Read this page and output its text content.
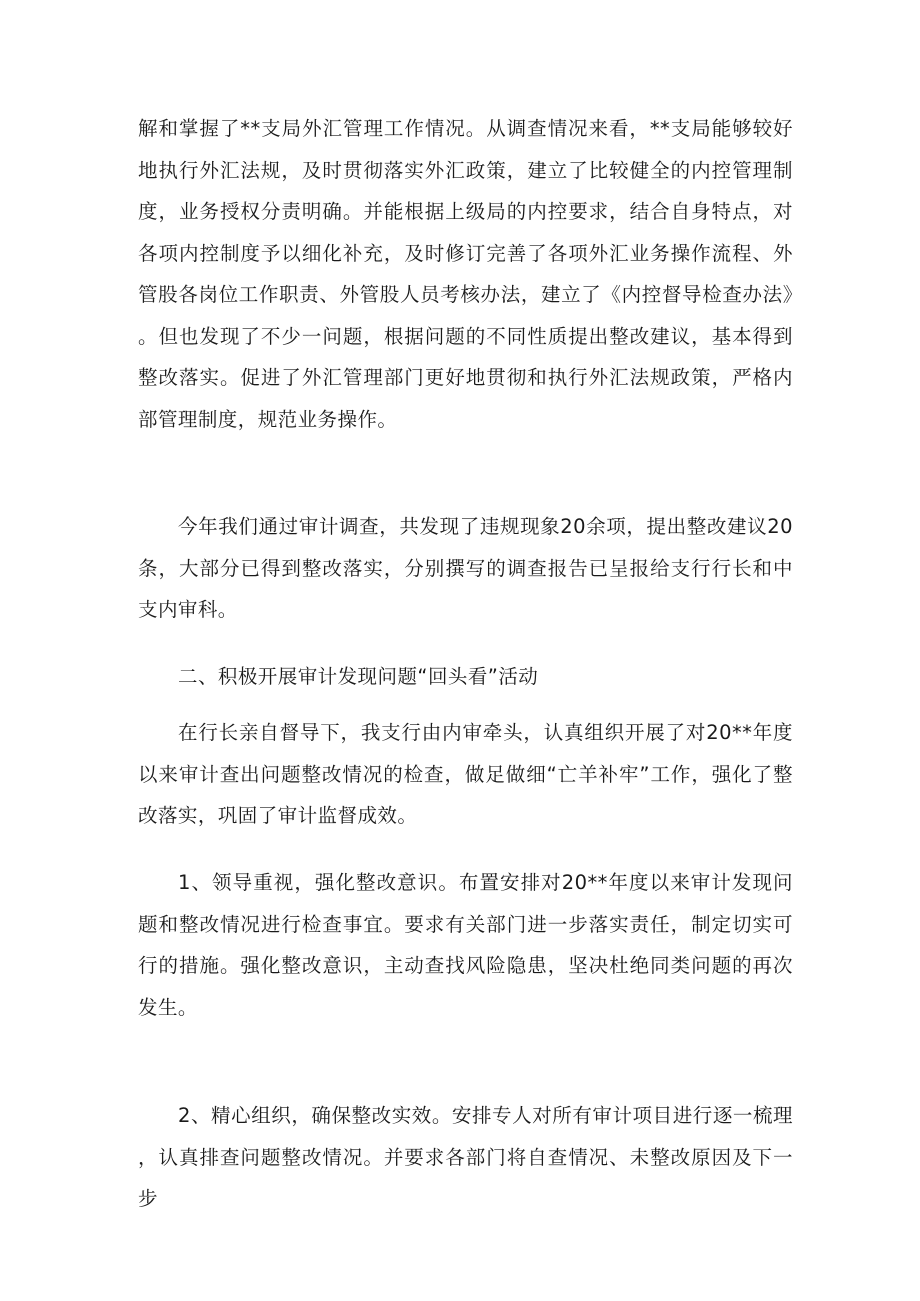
解和掌握了**支局外汇管理工作情况。从调查情况来看，**支局能够较好地执行外汇法规，及时贯彻落实外汇政策，建立了比较健全的内控管理制度，业务授权分责明确。并能根据上级局的内控要求，结合自身特点，对各项内控制度予以细化补充，及时修订完善了各项外汇业务操作流程、外管股各岗位工作职责、外管股人员考核办法，建立了《内控督导检查办法》。但也发现了不少一问题，根据问题的不同性质提出整改建议，基本得到整改落实。促进了外汇管理部门更好地贯彻和执行外汇法规政策，严格内部管理制度，规范业务操作。

今年我们通过审计调查，共发现了违规现象20余项，提出整改建议20条，大部分已得到整改落实，分别撰写的调查报告已呈报给支行行长和中支内审科。

二、积极开展审计发现问题“回头看”活动

在行长亲自督导下，我支行由内审牵头，认真组织开展了对20**年度以来审计查出问题整改情况的检查，做足做细“亡羊补牢”工作，强化了整改落实，巩固了审计监督成效。

1、领导重视，强化整改意识。布置安排对20**年度以来审计发现问题和整改情况进行检查事宜。要求有关部门进一步落实责任，制定切实可行的措施。强化整改意识，主动查找风险隐患，坚决杜绝同类问题的再次发生。

2、精心组织，确保整改实效。安排专人对所有审计项目进行逐一梳理，认真排查问题整改情况。并要求各部门将自查情况、未整改原因及下一步
